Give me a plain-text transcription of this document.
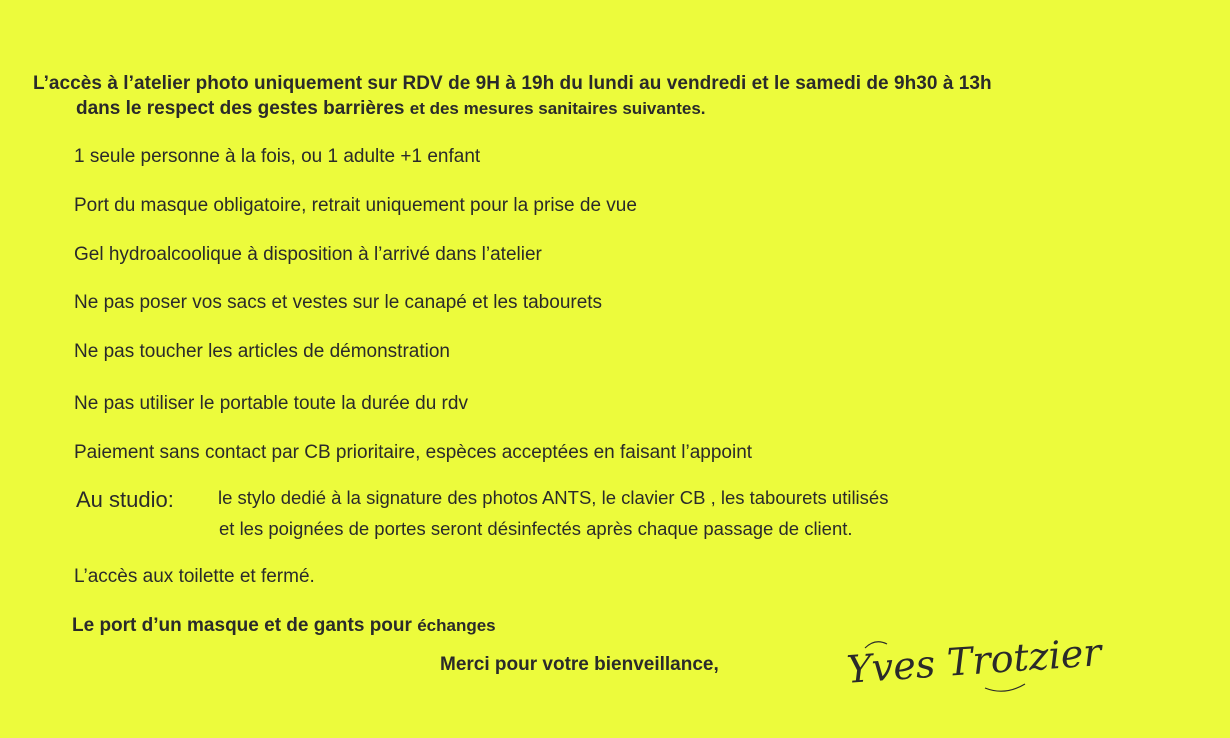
L’accès à l’atelier photo uniquement sur RDV de 9H à 19h du lundi au vendredi et le samedi de 9h30 à 13h
dans le respect des gestes barrières et des mesures sanitaires suivantes.
1 seule personne à la fois, ou 1 adulte +1 enfant
Port du masque obligatoire, retrait uniquement pour la prise de vue
Gel hydroalcoolique à disposition à l’arrivé dans l’atelier
Ne pas poser vos sacs et vestes sur le canapé et les tabourets
Ne pas toucher les articles de démonstration
Ne pas utiliser le portable toute la durée du rdv
Paiement sans contact par CB prioritaire, espèces acceptées en faisant l’appoint
Au studio: le stylo dedié à la signature des photos ANTS, le clavier CB , les tabourets utilisés
et les poignées de portes seront désinfectés après chaque passage de client.
L’accès aux toilette et fermé.
Le port d’un masque et de gants pour échanges
Merci pour votre bienveillance,	Yves Trotzier
